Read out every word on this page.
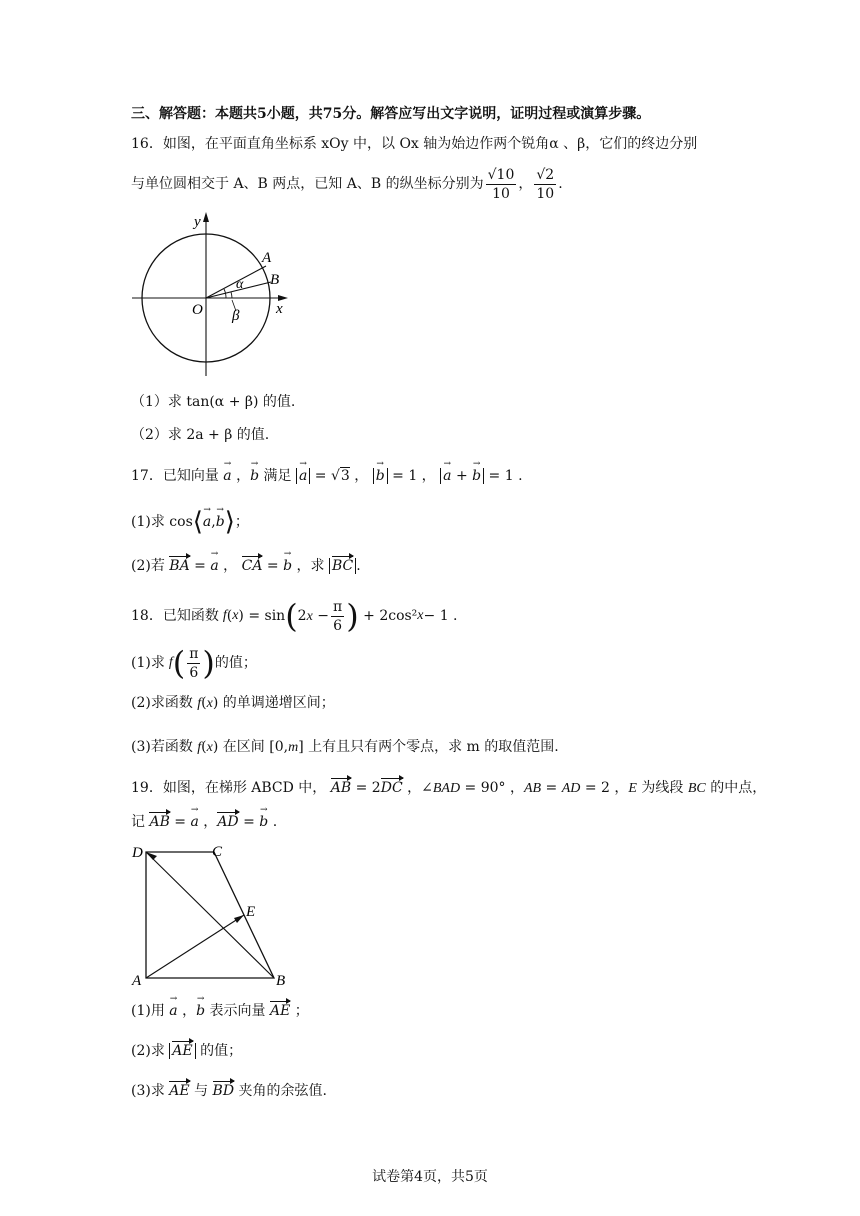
三、解答题：本题共5小题，共75分。解答应写出文字说明，证明过程或演算步骤。
16．如图，在平面直角坐标系 xOy 中，以 Ox 轴为始边作两个锐角α 、β，它们的终边分别
与单位圆相交于 A、B 两点，已知 A、B 的纵坐标分别为 $\frac{√10}{10}$ ， $\frac{√2}{10}$ .
y
x
O
A
B
α
β
（1）求 tan(α + β) 的值.
（2）求 2a + β 的值.
17．已知向量 → a ，→ b 满足 → a = √3 ， → b = 1 ， → a + → b = 1 .
(1)求 cos⟨→ a,→ b⟩；
(2)若 BA = → a ， CA = → b ，求 BC .
18．已知函数 f ( x ) = sin ( $2x - \frac{\pi}{6}$ ) + 2cos² x − 1 .
(1)求 f ( $\frac{\pi}{6}$ ) 的值；
(2)求函数 f(x) 的单调递增区间；
(3)若函数 f(x) 在区间 [0,m] 上有且只有两个零点，求 m 的取值范围.
19．如图，在梯形 ABCD 中， AB = 2DC ，∠BAD = 90° ，AB = AD = 2 ，E 为线段 BC 的中点，
记 AB = → a ，AD = → b .
D	C
E
A	B
(1)用 → a ，→ b 表示向量 AE ；
(2)求 AE 的值；
(3)求 AE 与 BD 夹角的余弦值.
试卷第4页，共5页
